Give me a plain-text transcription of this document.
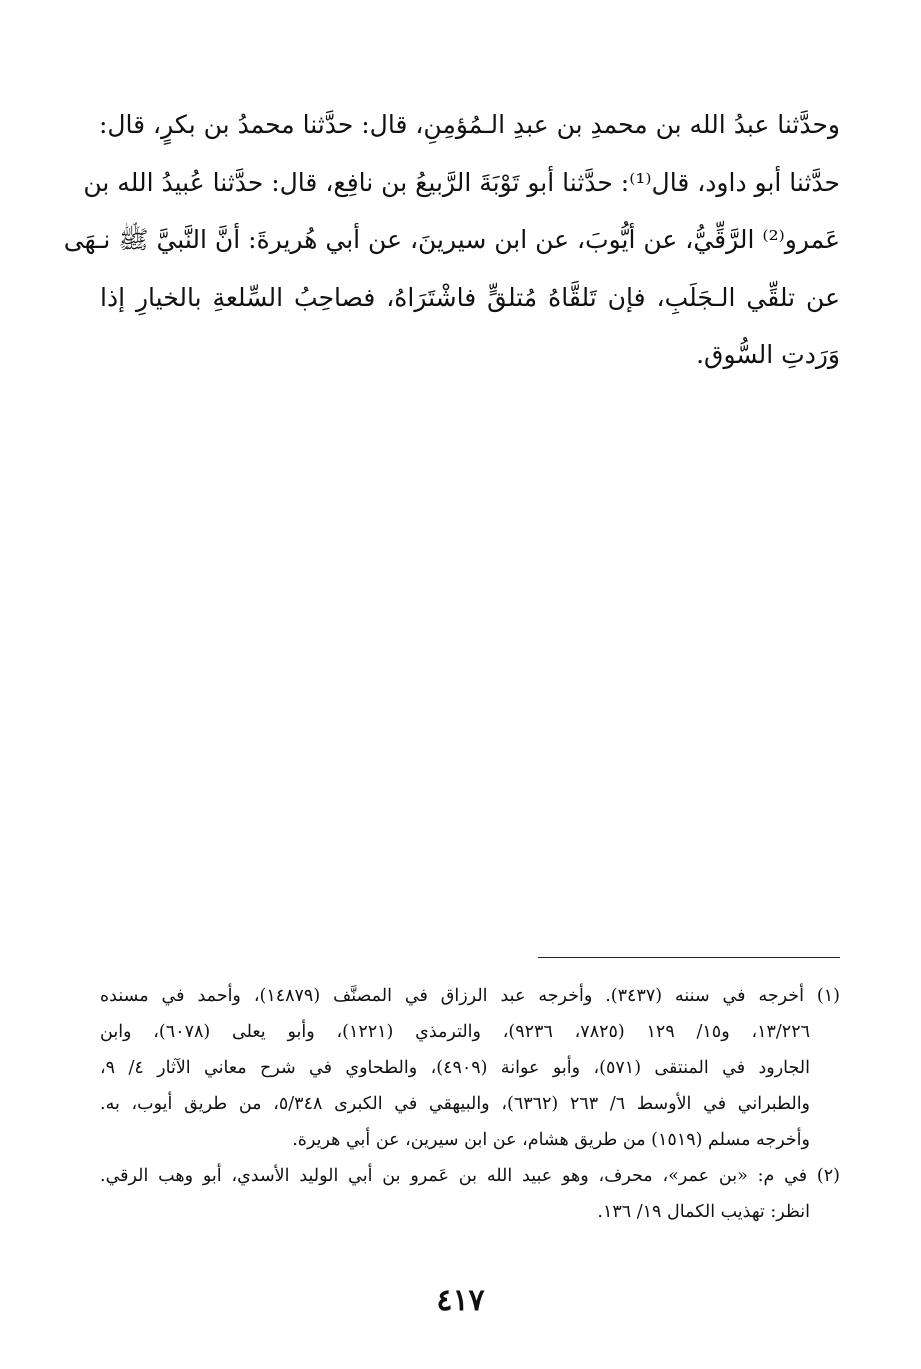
وحدَّثنا عبدُ الله بن محمدِ بن عبدِ الـمُؤمِنِ، قال: حدَّثنا محمدُ بن بكرٍ، قال:
حدَّثنا أبو داود، قال⁽¹⁾: حدَّثنا أبو تَوْبَةَ الرَّبيعُ بن نافِع، قال: حدَّثنا عُبيدُ الله بن
عَمرو⁽²⁾ الرَّقِّيُّ، عن أيُّوبَ، عن ابن سيرينَ، عن أبي هُريرةَ: أنَّ النَّبيَّ ﷺ نـهَى
عن تلقِّي الـجَلَبِ، فإن تَلقَّاهُ مُتلقٍّ فاشْتَرَاهُ، فصاحِبُ السِّلعةِ بالخيارِ إذا
وَرَدتِ السُّوق.
(١) أخرجه في سننه (٣٤٣٧). وأخرجه عبد الرزاق في المصنَّف (١٤٨٧٩)، وأحمد في مسنده
١٣/٢٢٦، و١٥/ ١٢٩ (٧٨٢٥، ٩٢٣٦)، والترمذي (١٢٢١)، وأبو يعلى (٦٠٧٨)، وابن
الجارود في المنتقى (٥٧١)، وأبو عوانة (٤٩٠٩)، والطحاوي في شرح معاني الآثار ٤/ ٩،
والطبراني في الأوسط ٦/ ٢٦٣ (٦٣٦٢)، والبيهقي في الكبرى ٥/٣٤٨، من طريق أيوب، به.
وأخرجه مسلم (١٥١٩) من طريق هشام، عن ابن سيرين، عن أبي هريرة.
(٢) في م: «بن عمر»، محرف، وهو عبيد الله بن عَمرو بن أبي الوليد الأسدي، أبو وهب الرقي.
انظر: تهذيب الكمال ١٩/ ١٣٦.
٤١٧
